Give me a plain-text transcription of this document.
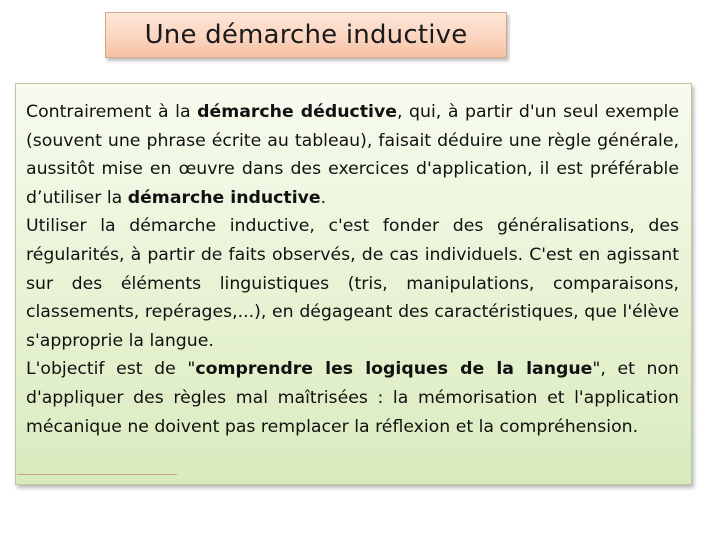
Une démarche inductive

Contrairement à la démarche déductive, qui, à partir d'un seul exemple (souvent une phrase écrite au tableau), faisait déduire une règle générale, aussitôt mise en œuvre dans des exercices d'application, il est préférable d’utiliser la démarche inductive.

Utiliser la démarche inductive, c'est fonder des généralisations, des régularités, à partir de faits observés, de cas individuels. C'est en agissant sur des éléments linguistiques (tris, manipulations, comparaisons, classements, repérages,...), en dégageant des caractéristiques, que l'élève s'approprie la langue.

L'objectif est de "comprendre les logiques de la langue", et non d'appliquer des règles mal maîtrisées : la mémorisation et l'application mécanique ne doivent pas remplacer la réflexion et la compréhension.
